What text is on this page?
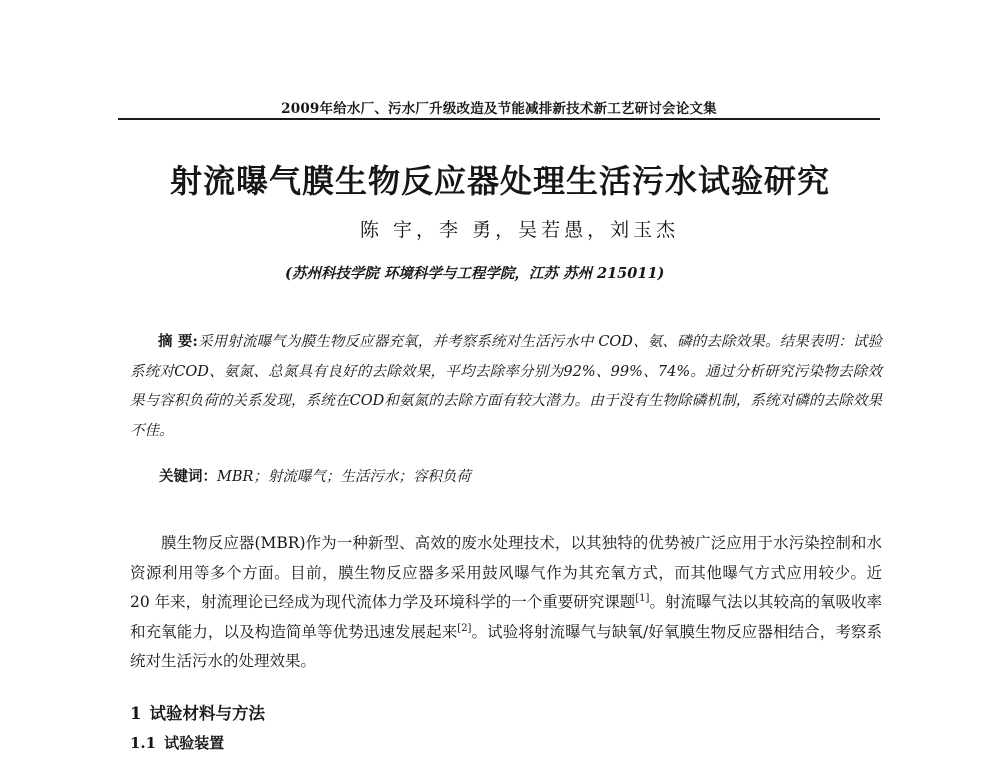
2009年给水厂、污水厂升级改造及节能减排新技术新工艺研讨会论文集
射流曝气膜生物反应器处理生活污水试验研究
陈 宇，李 勇，吴若愚，刘玉杰
(苏州科技学院 环境科学与工程学院，江苏 苏州 215011)
摘 要:采用射流曝气为膜生物反应器充氧，并考察系统对生活污水中 COD、氨、磷的去除效果。结果表明：试验系统对COD、氨氮、总氮具有良好的去除效果，平均去除率分别为92%、99%、74%。通过分析研究污染物去除效果与容积负荷的关系发现，系统在COD和氨氮的去除方面有较大潜力。由于没有生物除磷机制，系统对磷的去除效果不佳。
关键词：MBR；射流曝气；生活污水；容积负荷

膜生物反应器(MBR)作为一种新型、高效的废水处理技术，以其独特的优势被广泛应用于水污染控制和水资源利用等多个方面。目前，膜生物反应器多采用鼓风曝气作为其充氧方式，而其他曝气方式应用较少。近 20 年来，射流理论已经成为现代流体力学及环境科学的一个重要研究课题[1]。射流曝气法以其较高的氧吸收率和充氧能力，以及构造简单等优势迅速发展起来[2]。试验将射流曝气与缺氧/好氧膜生物反应器相结合，考察系统对生活污水的处理效果。

1 试验材料与方法
1.1 试验装置
